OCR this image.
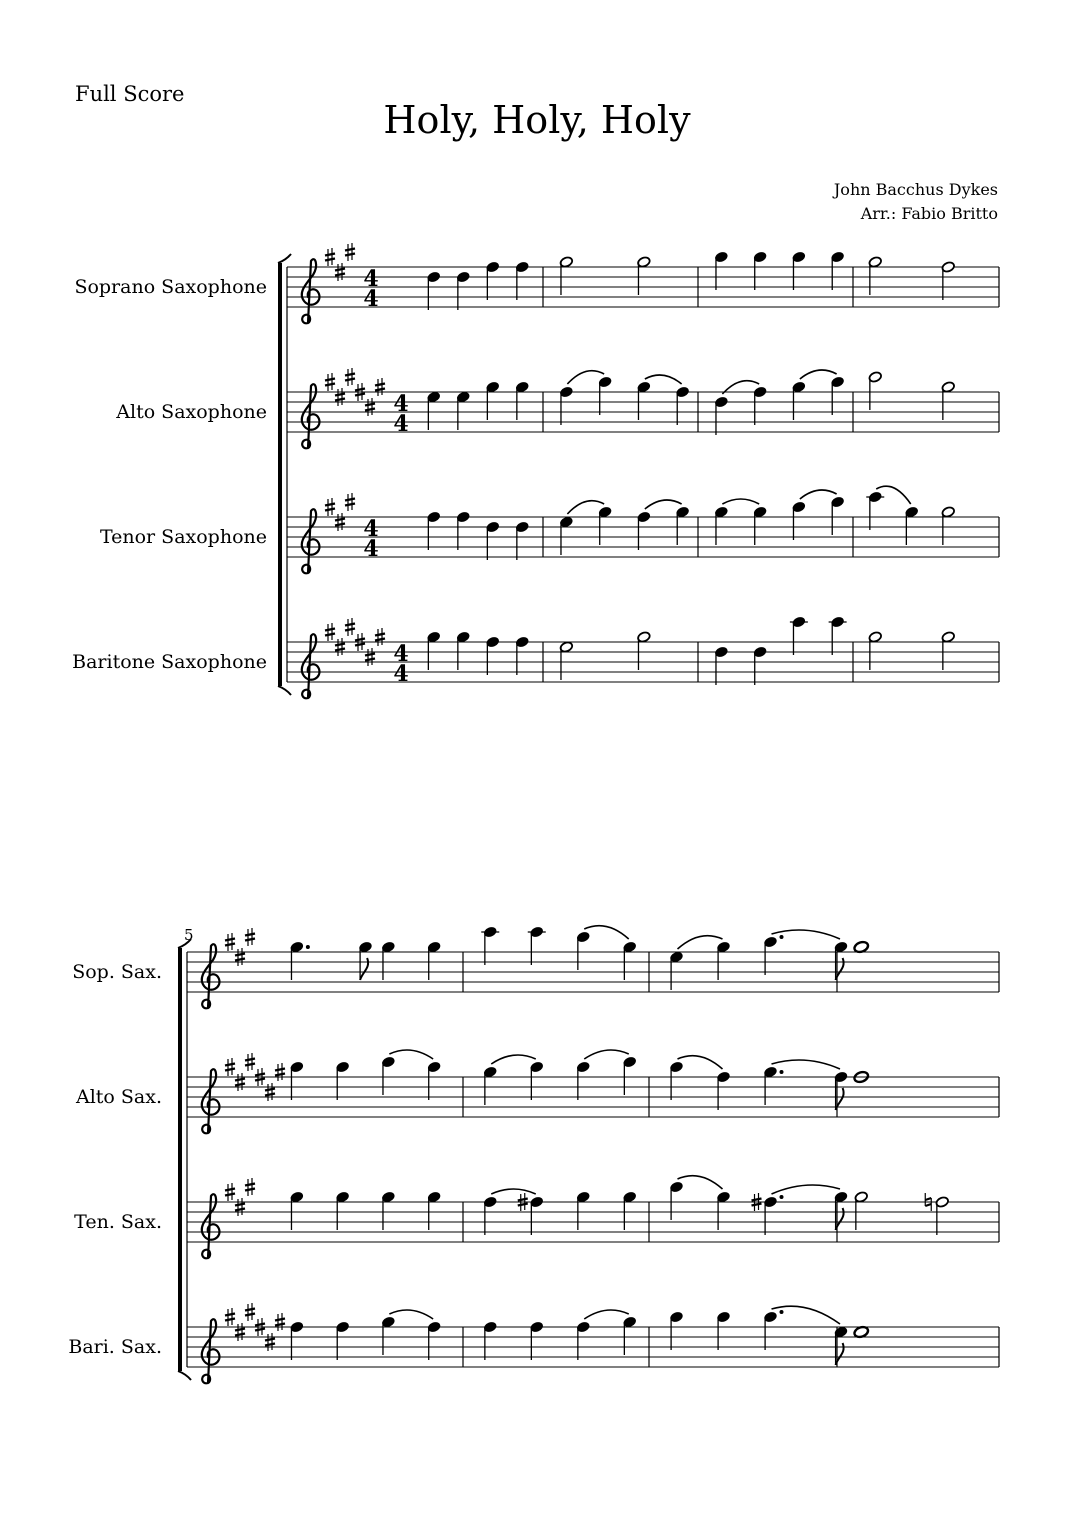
Full Score

Holy, Holy, Holy

John Bacchus Dykes

Arr.: Fabio Britto

Soprano Saxophone	4
4
Alto Saxophone	4
4
Tenor Saxophone	4
4
Baritone Saxophone	4
4
5
Sop. Sax.
Alto Sax.
Ten. Sax.
Bari. Sax.
